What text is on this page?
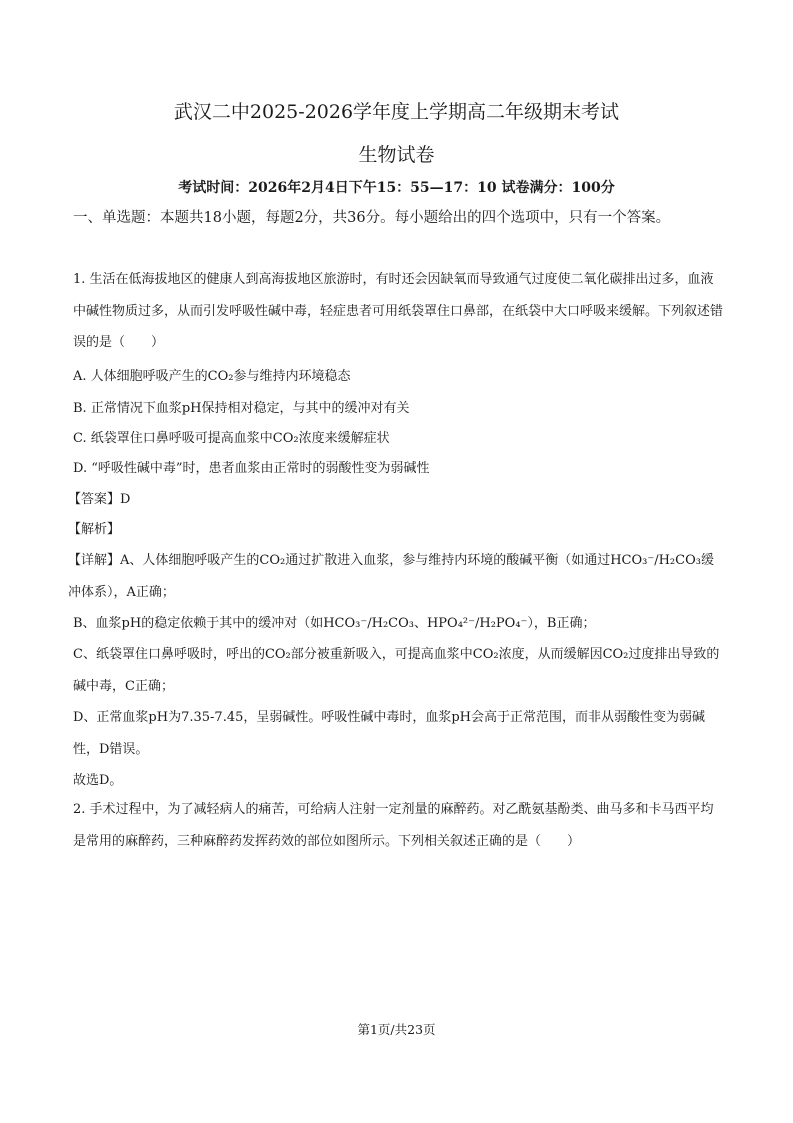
武汉二中2025-2026学年度上学期高二年级期末考试
生物试卷
考试时间：2026年2月4日下午15：55—17：10 试卷满分：100分
一、单选题：本题共18小题，每题2分，共36分。每小题给出的四个选项中，只有一个答案。
1. 生活在低海拔地区的健康人到高海拔地区旅游时，有时还会因缺氧而导致通气过度使二氧化碳排出过多，血液中碱性物质过多，从而引发呼吸性碱中毒，轻症患者可用纸袋罩住口鼻部，在纸袋中大口呼吸来缓解。下列叙述错误的是（　　）
A. 人体细胞呼吸产生的CO₂参与维持内环境稳态
B. 正常情况下血浆pH保持相对稳定，与其中的缓冲对有关
C. 纸袋罩住口鼻呼吸可提高血浆中CO₂浓度来缓解症状
D. “呼吸性碱中毒”时，患者血浆由正常时的弱酸性变为弱碱性
【答案】D
【解析】
【详解】A、人体细胞呼吸产生的CO₂通过扩散进入血浆，参与维持内环境的酸碱平衡（如通过HCO₃⁻/H₂CO₃缓冲体系），A正确；
B、血浆pH的稳定依赖于其中的缓冲对（如HCO₃⁻/H₂CO₃、HPO₄²⁻/H₂PO₄⁻），B正确；
C、纸袋罩住口鼻呼吸时，呼出的CO₂部分被重新吸入，可提高血浆中CO₂浓度，从而缓解因CO₂过度排出导致的碱中毒，C正确；
D、正常血浆pH为7.35-7.45，呈弱碱性。呼吸性碱中毒时，血浆pH会高于正常范围，而非从弱酸性变为弱碱性，D错误。
故选D。
2. 手术过程中，为了减轻病人的痛苦，可给病人注射一定剂量的麻醉药。对乙酰氨基酚类、曲马多和卡马西平均是常用的麻醉药，三种麻醉药发挥药效的部位如图所示。下列相关叙述正确的是（　　）
第1页/共23页
